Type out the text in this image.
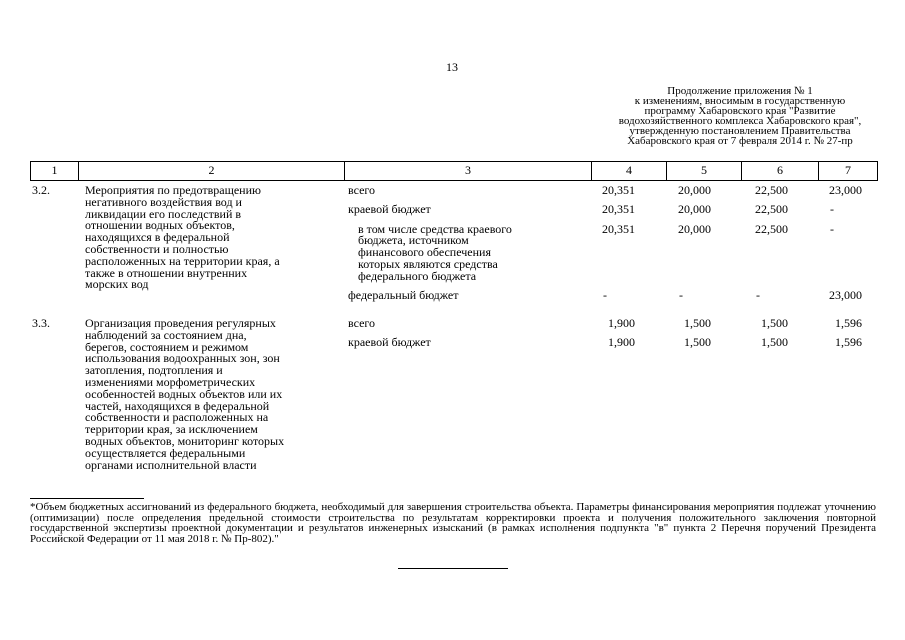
13
Продолжение приложения № 1
к изменениям, вносимым в государственную
программу Хабаровского края "Развитие
водохозяйственного комплекса Хабаровского края",
утвержденную постановлением Правительства
Хабаровского края от 7 февраля 2014 г. № 27-пр
1	2	3	4	5	6	7
3.2.	Мероприятия по предотвращению
негативного воздействия вод и
ликвидации его последствий в
отношении водных объектов,
находящихся в федеральной
собственности и полностью
расположенных на территории края, а
также в отношении внутренних
морских вод
всего	20,351	20,000	22,500	23,000
краевой бюджет	20,351	20,000	22,500	-
в том числе средства краевого
бюджета, источником
финансового обеспечения
которых являются средства
федерального бюджета
20,351	20,000	22,500	-
федеральный бюджет	-	-	-	23,000
3.3.	Организация проведения регулярных
наблюдений за состоянием дна,
берегов, состоянием и режимом
использования водоохранных зон, зон
затопления, подтопления и
изменениями морфометрических
особенностей водных объектов или их
частей, находящихся в федеральной
собственности и расположенных на
территории края, за исключением
водных объектов, мониторинг которых
осуществляется федеральными
органами исполнительной власти
всего	1,900	1,500	1,500	1,596
краевой бюджет	1,900	1,500	1,500	1,596
*Объем бюджетных ассигнований из федерального бюджета, необходимый для завершения строительства объекта. Параметры финансирования мероприятия подлежат уточнению (оптимизации) после определения предельной стоимости строительства по результатам корректировки проекта и получения положительного заключения повторной государственной экспертизы проектной документации и результатов инженерных изысканий (в рамках исполнения подпункта "в" пункта 2 Перечня поручений Президента Российской Федерации от 11 мая 2018 г. № Пр-802)."
